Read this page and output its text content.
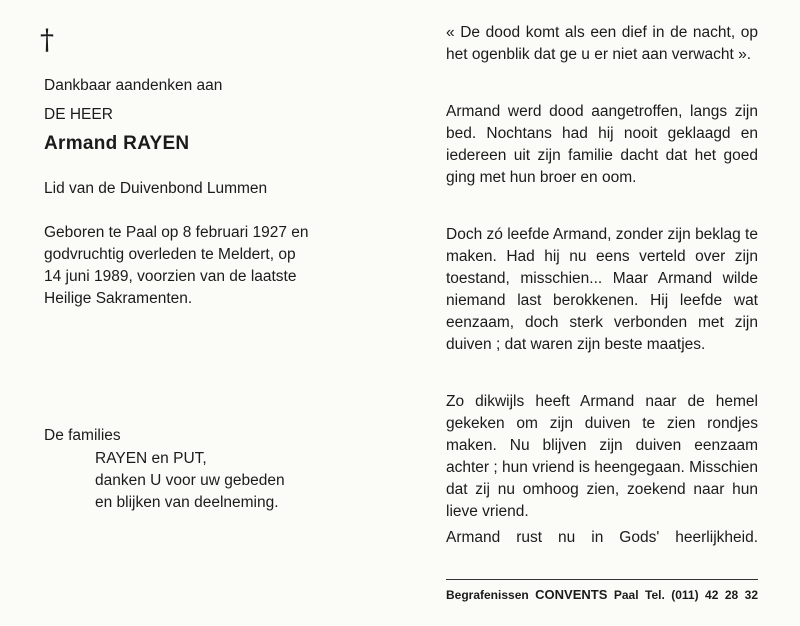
†
Dankbaar aandenken aan
DE HEER
Armand RAYEN
Lid van de Duivenbond Lummen
Geboren te Paal op 8 februari 1927 en
godvruchtig overleden te Meldert, op
14 juni 1989, voorzien van de laatste
Heilige Sakramenten.
De families
RAYEN en PUT,
danken U voor uw gebeden
en blijken van deelneming.

« De dood komt als een dief in de nacht, op het ogenblik dat ge u er niet aan verwacht ».

Armand werd dood aangetroffen, langs zijn bed. Nochtans had hij nooit geklaagd en iedereen uit zijn familie dacht dat het goed ging met hun broer en oom.

Doch zó leefde Armand, zonder zijn beklag te maken. Had hij nu eens verteld over zijn toestand, misschien... Maar Armand wilde niemand last berokkenen. Hij leefde wat eenzaam, doch sterk verbonden met zijn duiven ; dat waren zijn beste maatjes.

Zo dikwijls heeft Armand naar de hemel gekeken om zijn duiven te zien rondjes maken. Nu blijven zijn duiven eenzaam achter ; hun vriend is heengegaan. Misschien dat zij nu omhoog zien, zoekend naar hun lieve vriend.

Armand rust nu in Gods' heerlijkheid.

Begrafenissen CONVENTS Paal Tel. (011) 42 28 32
